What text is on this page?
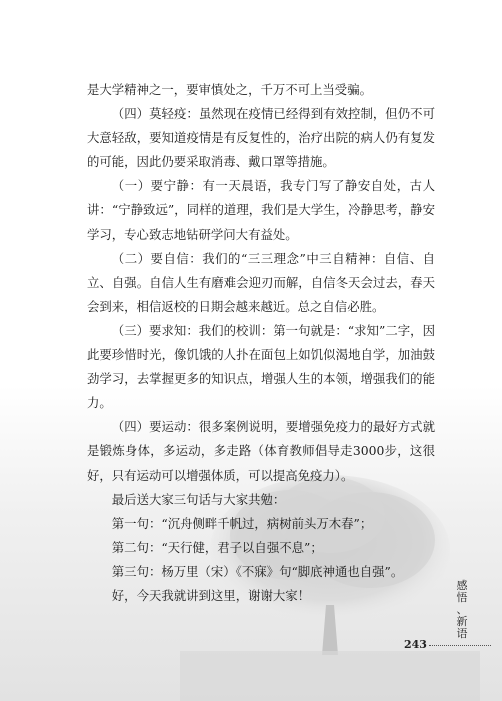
是大学精神之一，要审慎处之，千万不可上当受骗。

（四）莫轻疫：虽然现在疫情已经得到有效控制，但仍不可大意轻敌，要知道疫情是有反复性的，治疗出院的病人仍有复发的可能，因此仍要采取消毒、戴口罩等措施。

（一）要宁静：有一天晨语，我专门写了静安自处，古人讲：“宁静致远”，同样的道理，我们是大学生，冷静思考，静安学习，专心致志地钻研学问大有益处。

（二）要自信：我们的“三三理念”中三自精神：自信、自立、自强。自信人生有磨难会迎刃而解，自信冬天会过去，春天会到来，相信返校的日期会越来越近。总之自信必胜。

（三）要求知：我们的校训：第一句就是：“求知”二字，因此要珍惜时光，像饥饿的人扑在面包上如饥似渴地自学，加油鼓劲学习，去掌握更多的知识点，增强人生的本领，增强我们的能力。

（四）要运动：很多案例说明，要增强免疫力的最好方式就是锻炼身体，多运动，多走路（体育教师倡导走3000步，这很好，只有运动可以增强体质，可以提高免疫力）。

最后送大家三句话与大家共勉：

第一句：“沉舟侧畔千帆过，病树前头万木春”；

第二句：“天行健，君子以自强不息”；

第三句：杨万里（宋）《不寐》句“脚底神通也自强”。

好，今天我就讲到这里，谢谢大家！

感
悟
、
新
语
243
